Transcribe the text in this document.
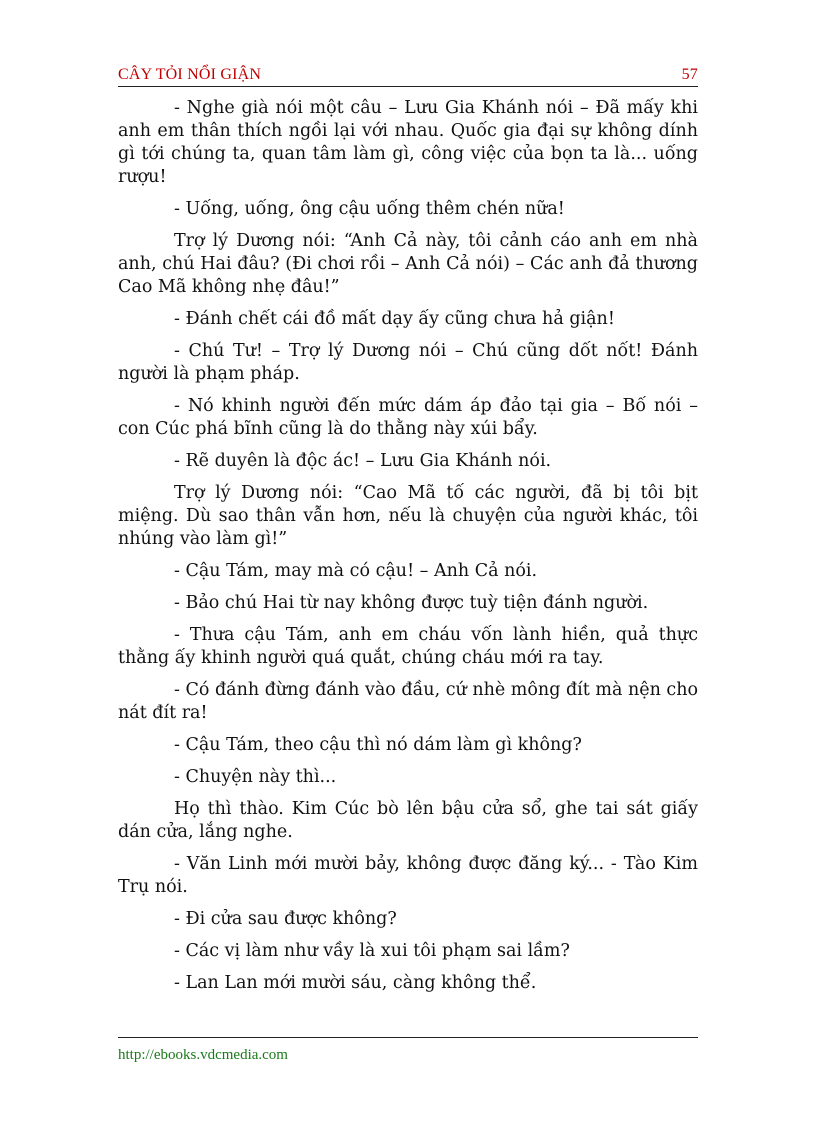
CÂY TỎI NỔI GIẬN	57

- Nghe già nói một câu – Lưu Gia Khánh nói – Đã mấy khi anh em thân thích ngồi lại với nhau. Quốc gia đại sự không dính gì tới chúng ta, quan tâm làm gì, công việc của bọn ta là... uống rượu!

- Uống, uống, ông cậu uống thêm chén nữa!

Trợ lý Dương nói: “Anh Cả này, tôi cảnh cáo anh em nhà anh, chú Hai đâu? (Đi chơi rồi – Anh Cả nói) – Các anh đả thương Cao Mã không nhẹ đâu!”

- Đánh chết cái đồ mất dạy ấy cũng chưa hả giận!

- Chú Tư! – Trợ lý Dương nói – Chú cũng dốt nốt! Đánh người là phạm pháp.

- Nó khinh người đến mức dám áp đảo tại gia – Bố nói – con Cúc phá bĩnh cũng là do thằng này xúi bẩy.

- Rẽ duyên là độc ác! – Lưu Gia Khánh nói.

Trợ lý Dương nói: “Cao Mã tố các người, đã bị tôi bịt miệng. Dù sao thân vẫn hơn, nếu là chuyện của người khác, tôi nhúng vào làm gì!”

- Cậu Tám, may mà có cậu! – Anh Cả nói.

- Bảo chú Hai từ nay không được tuỳ tiện đánh người.

- Thưa cậu Tám, anh em cháu vốn lành hiền, quả thực thằng ấy khinh người quá quắt, chúng cháu mới ra tay.

- Có đánh đừng đánh vào đầu, cứ nhè mông đít mà nện cho nát đít ra!

- Cậu Tám, theo cậu thì nó dám làm gì không?

- Chuyện này thì...

Họ thì thào. Kim Cúc bò lên bậu cửa sổ, ghe tai sát giấy dán cửa, lắng nghe.

- Văn Linh mới mười bảy, không được đăng ký... - Tào Kim Trụ nói.

- Đi cửa sau được không?

- Các vị làm như vầy là xui tôi phạm sai lầm?

- Lan Lan mới mười sáu, càng không thể.

http://ebooks.vdcmedia.com
